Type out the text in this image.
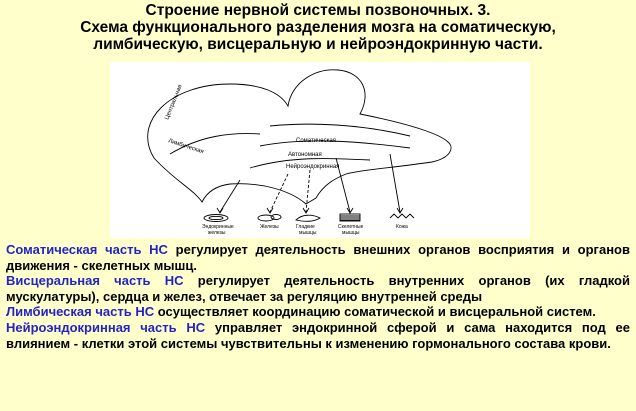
Строение нервной системы позвоночных. 3.
Схема функционального разделения мозга на соматическую,
лимбическую, висцеральную и нейроэндокринную части.
Центральная
Лимбическая	Соматическая
Автономная
Нейроэндокринная
Эндокринные
железы
Железы	Гладкие
мышцы
Скелетные
мышцы
Кожа

Соматическая часть НС регулирует деятельность внешних органов восприятия и органов движения - скелетных мышц.

Висцеральная часть НС регулирует деятельность внутренних органов (их гладкой мускулатуры), сердца и желез, отвечает за регуляцию внутренней среды

Лимбическая часть НС осуществляет координацию соматической и висцеральной систем.

Нейроэндокринная часть НС управляет эндокринной сферой и сама находится под ее влиянием - клетки этой системы чувствительны к изменению гормонального состава крови.
